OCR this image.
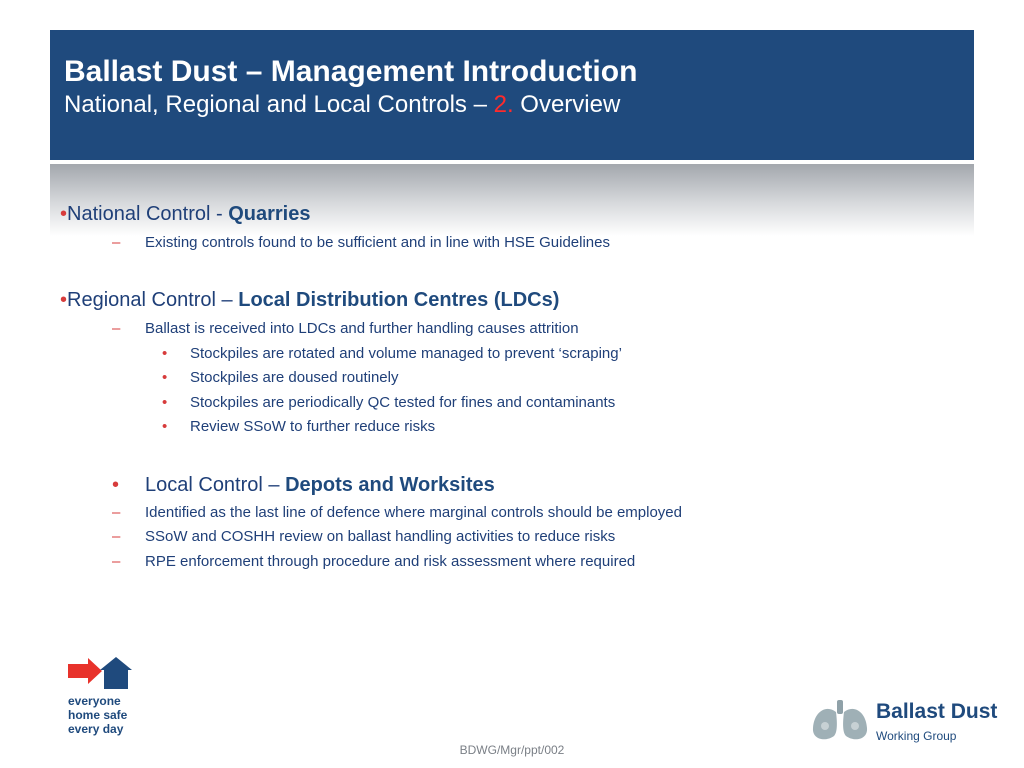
Ballast Dust – Management Introduction
National, Regional and Local Controls – 2. Overview
•National Control - Quarries
– Existing controls found to be sufficient and in line with HSE Guidelines
•Regional Control – Local Distribution Centres (LDCs)
– Ballast is received into LDCs and further handling causes attrition
• Stockpiles are rotated and volume managed to prevent ‘scraping’
• Stockpiles are doused routinely
• Stockpiles are periodically QC tested for fines and contaminants
• Review SSoW to further reduce risks
• Local Control – Depots and Worksites
– Identified as the last line of defence where marginal controls should be employed
– SSoW and COSHH review on ballast handling activities to reduce risks
– RPE enforcement through procedure and risk assessment where required
everyone
home safe
every day
Ballast Dust
Working Group
BDWG/Mgr/ppt/002
